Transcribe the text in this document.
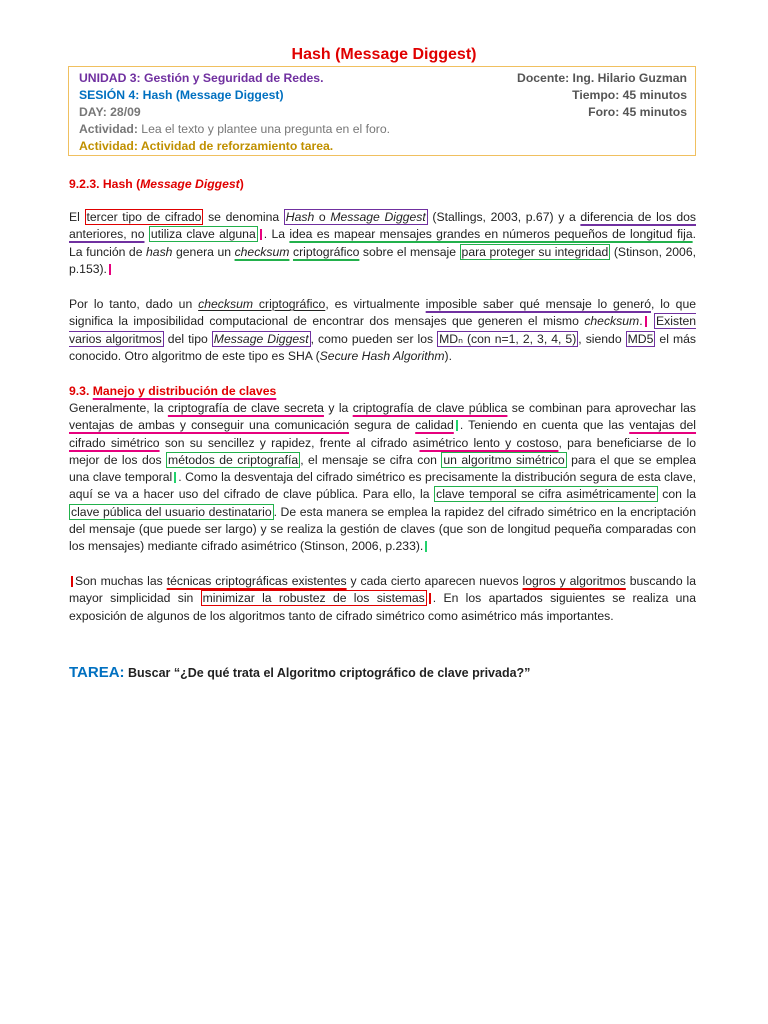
Hash (Message Diggest)
UNIDAD 3: Gestión y Seguridad de Redes.
SESIÓN 4: Hash (Message Diggest)
DAY: 28/09
Actividad: Lea el texto y plantee una pregunta en el foro.
Actividad: Actividad de reforzamiento tarea.
Docente: Ing. Hilario Guzman
Tiempo: 45 minutos
Foro: 45 minutos
9.2.3. Hash (Message Diggest)
El tercer tipo de cifrado se denomina Hash o Message Diggest (Stallings, 2003, p.67) y a diferencia de los dos anteriores, no utiliza clave alguna . La idea es mapear mensajes grandes en números pequeños de longitud fija. La función de hash genera un checksum criptográfico sobre el mensaje para proteger su integridad (Stinson, 2006, p.153).
Por lo tanto, dado un checksum criptográfico, es virtualmente imposible saber qué mensaje lo generó, lo que significa la imposibilidad computacional de encontrar dos mensajes que generen el mismo checksum. Existen varios algoritmos del tipo Message Diggest , como pueden ser los MDₙ (con n=1, 2, 3, 4, 5) , siendo MD5 el más conocido. Otro algoritmo de este tipo es SHA (Secure Hash Algorithm).
9.3. Manejo y distribución de claves
Generalmente, la criptografía de clave secreta y la criptografía de clave pública se combinan para aprovechar las ventajas de ambas y conseguir una comunicación segura de calidad . Teniendo en cuenta que las ventajas del cifrado simétrico son su sencillez y rapidez, frente al cifrado asimétrico lento y costoso, para beneficiarse de lo mejor de los dos métodos de criptografía , el mensaje se cifra con un algoritmo simétrico para el que se emplea una clave temporal . Como la desventaja del cifrado simétrico es precisamente la distribución segura de esta clave, aquí se va a hacer uso del cifrado de clave pública. Para ello, la clave temporal se cifra asimétricamente con la clave pública del usuario destinatario . De esta manera se emplea la rapidez del cifrado simétrico en la encriptación del mensaje (que puede ser largo) y se realiza la gestión de claves (que son de longitud pequeña comparadas con los mensajes) mediante cifrado asimétrico (Stinson, 2006, p.233).
Son muchas las técnicas criptográficas existentes y cada cierto aparecen nuevos logros y algoritmos buscando la mayor simplicidad sin minimizar la robustez de los sistemas . En los apartados siguientes se realiza una exposición de algunos de los algoritmos tanto de cifrado simétrico como asimétrico más importantes.
TAREA: Buscar “¿De qué trata el Algoritmo criptográfico de clave privada?”
